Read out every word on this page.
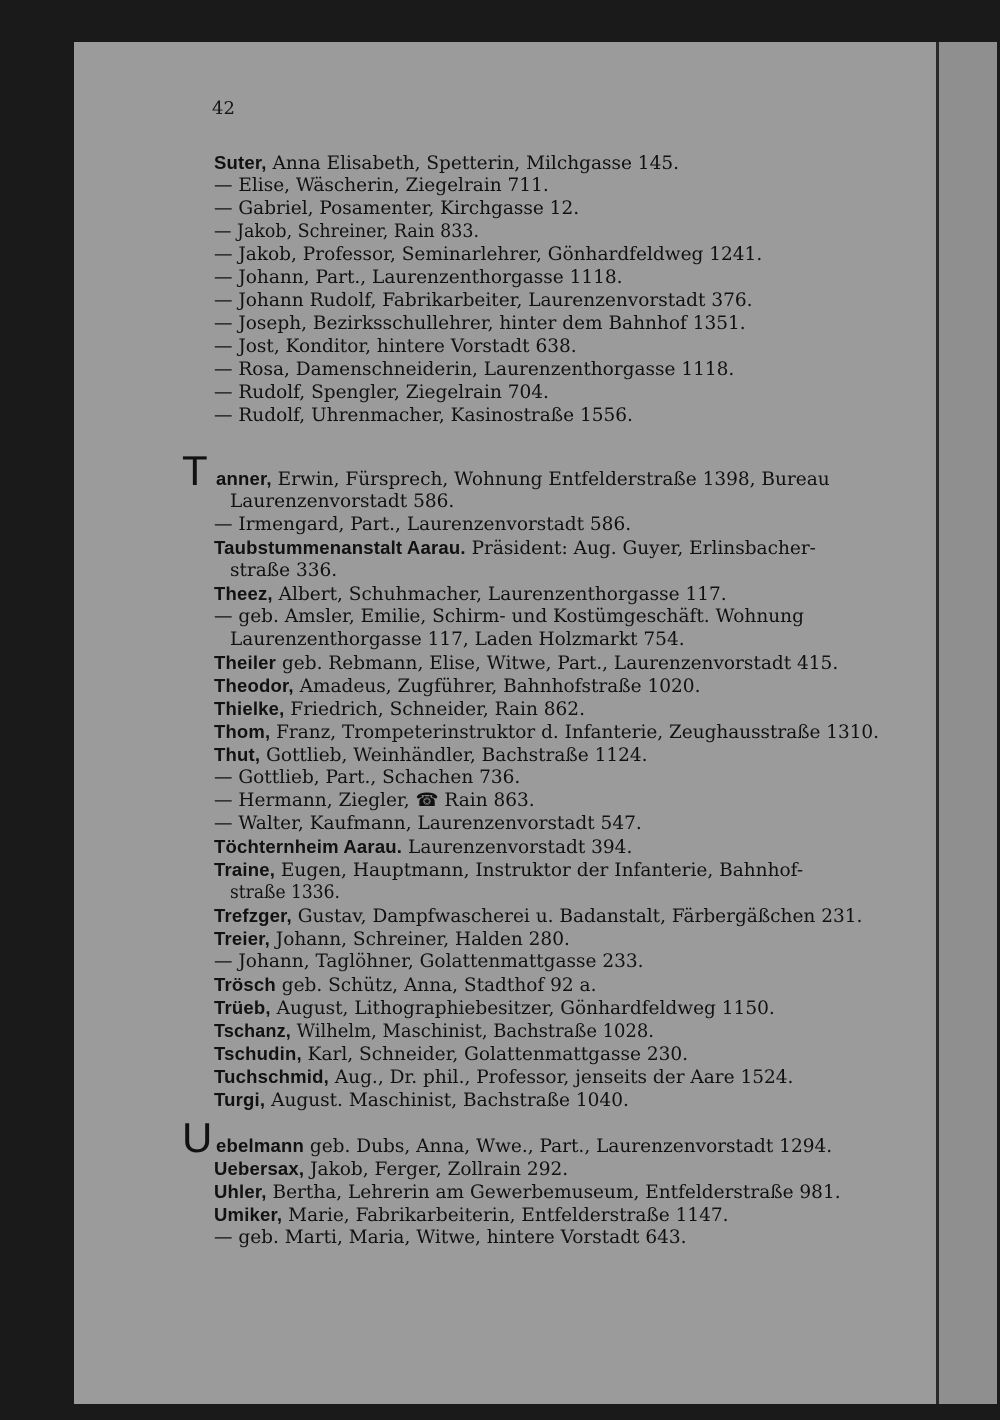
42
Suter, Anna Elisabeth, Spetterin, Milchgasse 145.
— Elise, Wäscherin, Ziegelrain 711.
— Gabriel, Posamenter, Kirchgasse 12.
— Jakob, Schreiner, Rain 833.
— Jakob, Professor, Seminarlehrer, Gönhardfeldweg 1241.
— Johann, Part., Laurenzenthorgasse 1118.
— Johann Rudolf, Fabrikarbeiter, Laurenzenvorstadt 376.
— Joseph, Bezirksschullehrer, hinter dem Bahnhof 1351.
— Jost, Konditor, hintere Vorstadt 638.
— Rosa, Damenschneiderin, Laurenzenthorgasse 1118.
— Rudolf, Spengler, Ziegelrain 704.
— Rudolf, Uhrenmacher, Kasinostraße 1556.
T anner, Erwin, Fürsprech, Wohnung Entfelderstraße 1398, Bureau
Laurenzenvorstadt 586.
— Irmengard, Part., Laurenzenvorstadt 586.
Taubstummenanstalt Aarau. Präsident: Aug. Guyer, Erlinsbacher-
straße 336.
Theez, Albert, Schuhmacher, Laurenzenthorgasse 117.
— geb. Amsler, Emilie, Schirm- und Kostümgeschäft. Wohnung
Laurenzenthorgasse 117, Laden Holzmarkt 754.
Theiler geb. Rebmann, Elise, Witwe, Part., Laurenzenvorstadt 415.
Theodor, Amadeus, Zugführer, Bahnhofstraße 1020.
Thielke, Friedrich, Schneider, Rain 862.
Thom, Franz, Trompeterinstruktor d. Infanterie, Zeughausstraße 1310.
Thut, Gottlieb, Weinhändler, Bachstraße 1124.
— Gottlieb, Part., Schachen 736.
— Hermann, Ziegler, ☎ Rain 863.
— Walter, Kaufmann, Laurenzenvorstadt 547.
Töchternheim Aarau. Laurenzenvorstadt 394.
Traine, Eugen, Hauptmann, Instruktor der Infanterie, Bahnhof-
straße 1336.
Trefzger, Gustav, Dampfwascherei u. Badanstalt, Färbergäßchen 231.
Treier, Johann, Schreiner, Halden 280.
— Johann, Taglöhner, Golattenmattgasse 233.
Trösch geb. Schütz, Anna, Stadthof 92 a.
Trüeb, August, Lithographiebesitzer, Gönhardfeldweg 1150.
Tschanz, Wilhelm, Maschinist, Bachstraße 1028.
Tschudin, Karl, Schneider, Golattenmattgasse 230.
Tuchschmid, Aug., Dr. phil., Professor, jenseits der Aare 1524.
Turgi, August. Maschinist, Bachstraße 1040.
U ebelmann geb. Dubs, Anna, Wwe., Part., Laurenzenvorstadt 1294.
Uebersax, Jakob, Ferger, Zollrain 292.
Uhler, Bertha, Lehrerin am Gewerbemuseum, Entfelderstraße 981.
Umiker, Marie, Fabrikarbeiterin, Entfelderstraße 1147.
— geb. Marti, Maria, Witwe, hintere Vorstadt 643.
